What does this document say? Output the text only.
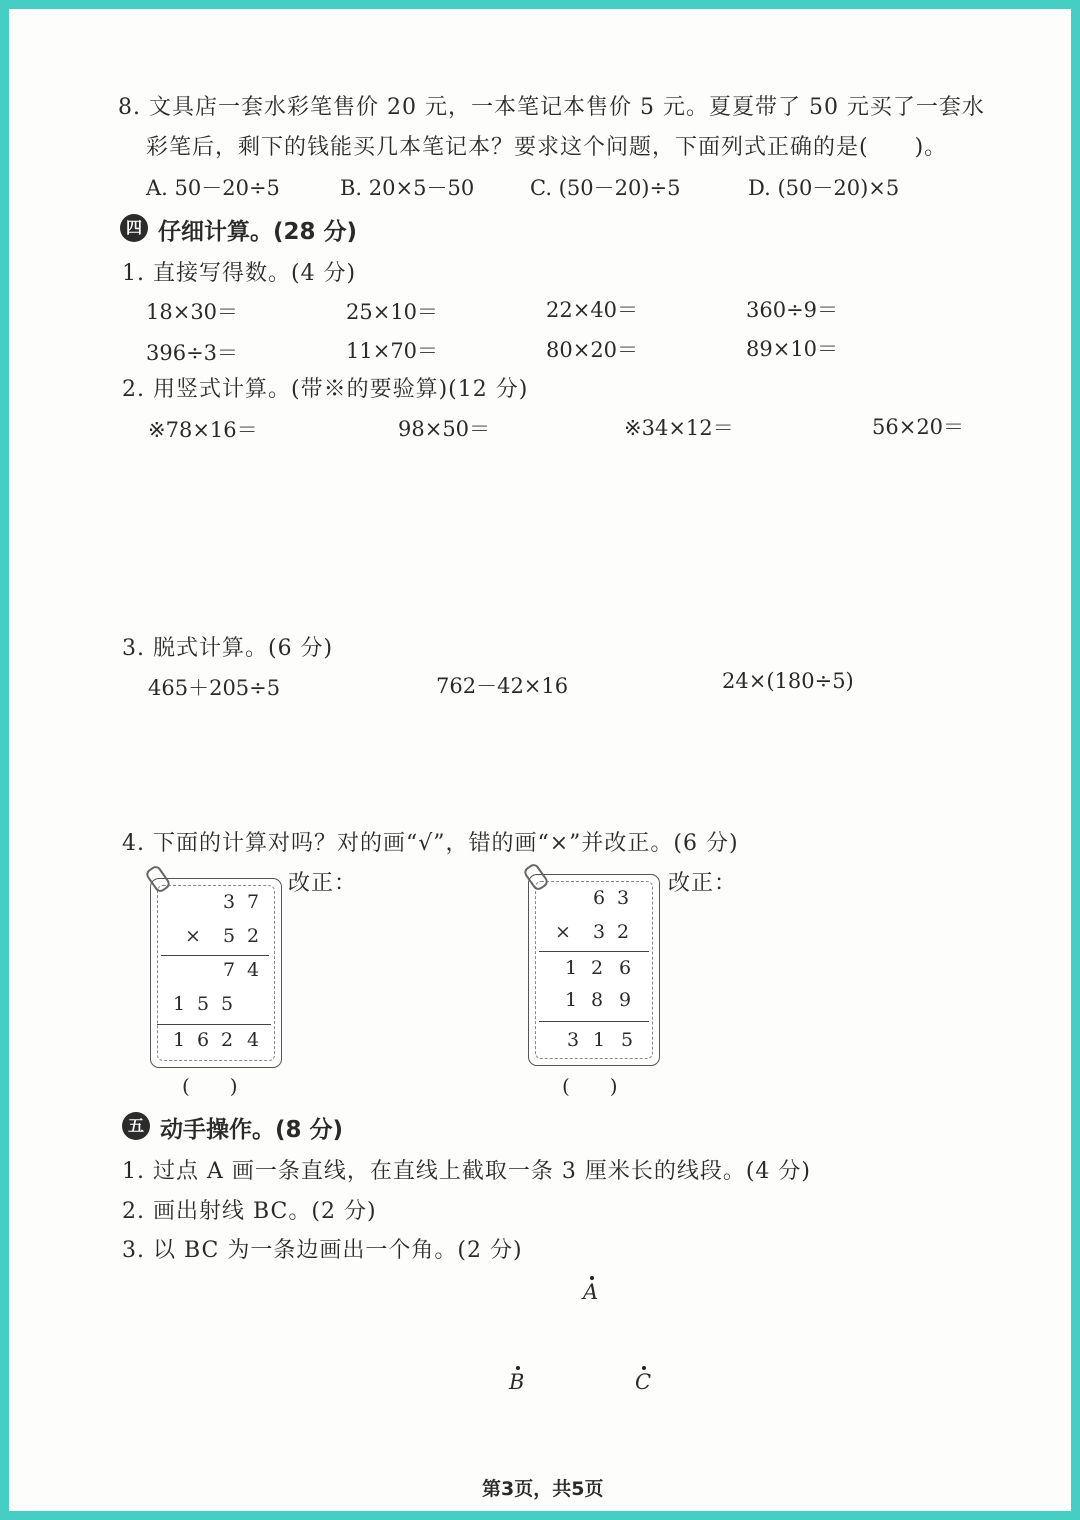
8. 文具店一套水彩笔售价 20 元，一本笔记本售价 5 元。夏夏带了 50 元买了一套水
彩笔后，剩下的钱能买几本笔记本？要求这个问题，下面列式正确的是(　　)。
A. 50－20÷5	B. 20×5－50	C. (50－20)÷5	D. (50－20)×5
四 仔细计算。(28 分)
1. 直接写得数。(4 分)
18×30＝	25×10＝	22×40＝	360÷9＝
396÷3＝	11×70＝	80×20＝	89×10＝
2. 用竖式计算。(带※的要验算)(12 分)
※78×16＝	98×50＝	※34×12＝	56×20＝
3. 脱式计算。(6 分)
465＋205÷5	762－42×16	24×(180÷5)
4. 下面的计算对吗？对的画“√”，错的画“×”并改正。(6 分)
3 7
× 5 2
7 4
1 5 5
1 6 2 4
改正：
(　　)
6 3
× 3 2
1 2 6
1 8 9
3 1 5
改正：
(　　)
五 动手操作。(8 分)
1. 过点 A 画一条直线，在直线上截取一条 3 厘米长的线段。(4 分)
2. 画出射线 BC。(2 分)
3. 以 BC 为一条边画出一个角。(2 分)
A
B	C
第3页，共5页
